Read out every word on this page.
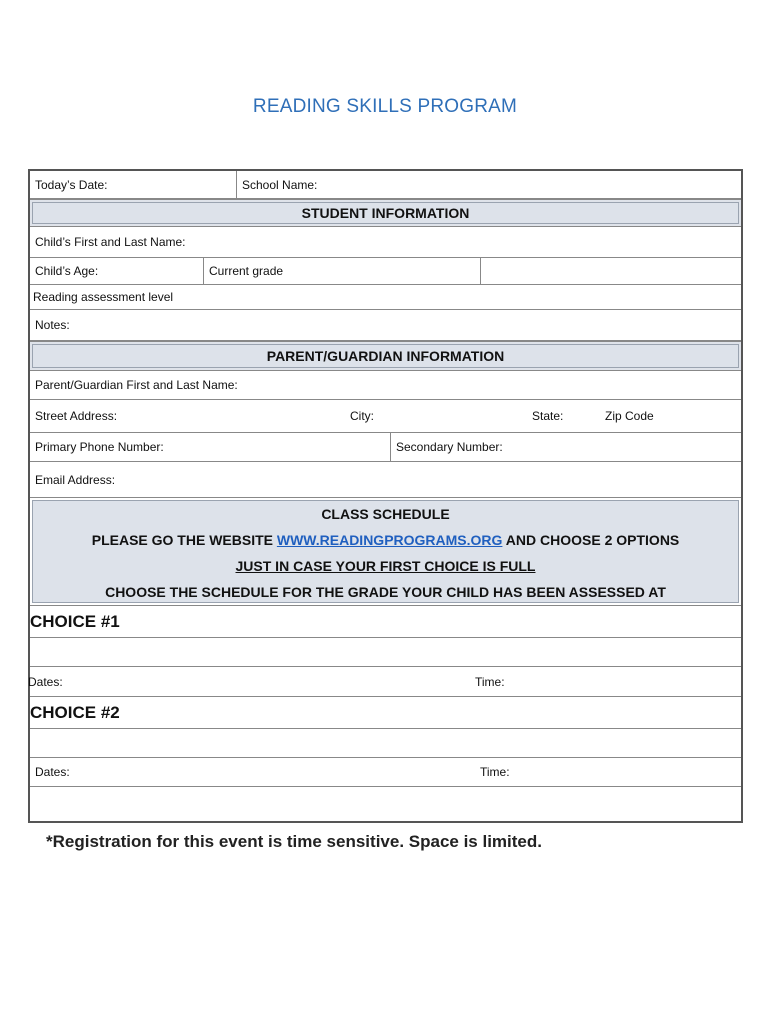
READING SKILLS PROGRAM
Today’s Date:	School Name:
STUDENT INFORMATION
Child’s First and Last Name:
Child’s Age:	Current grade
Reading assessment level
Notes:
PARENT/GUARDIAN INFORMATION
Parent/Guardian First and Last Name:
Street Address:	City:	State:	Zip Code
Primary Phone Number:	Secondary Number:
Email Address:
CLASS SCHEDULE
PLEASE GO THE WEBSITE WWW.READINGPROGRAMS.ORG AND CHOOSE 2 OPTIONS
JUST IN CASE YOUR FIRST CHOICE IS FULL
CHOOSE THE SCHEDULE FOR THE GRADE YOUR CHILD HAS BEEN ASSESSED AT
CHOICE #1
Dates:	Time:
CHOICE #2
Dates:	Time:
*Registration for this event is time sensitive. Space is limited.
